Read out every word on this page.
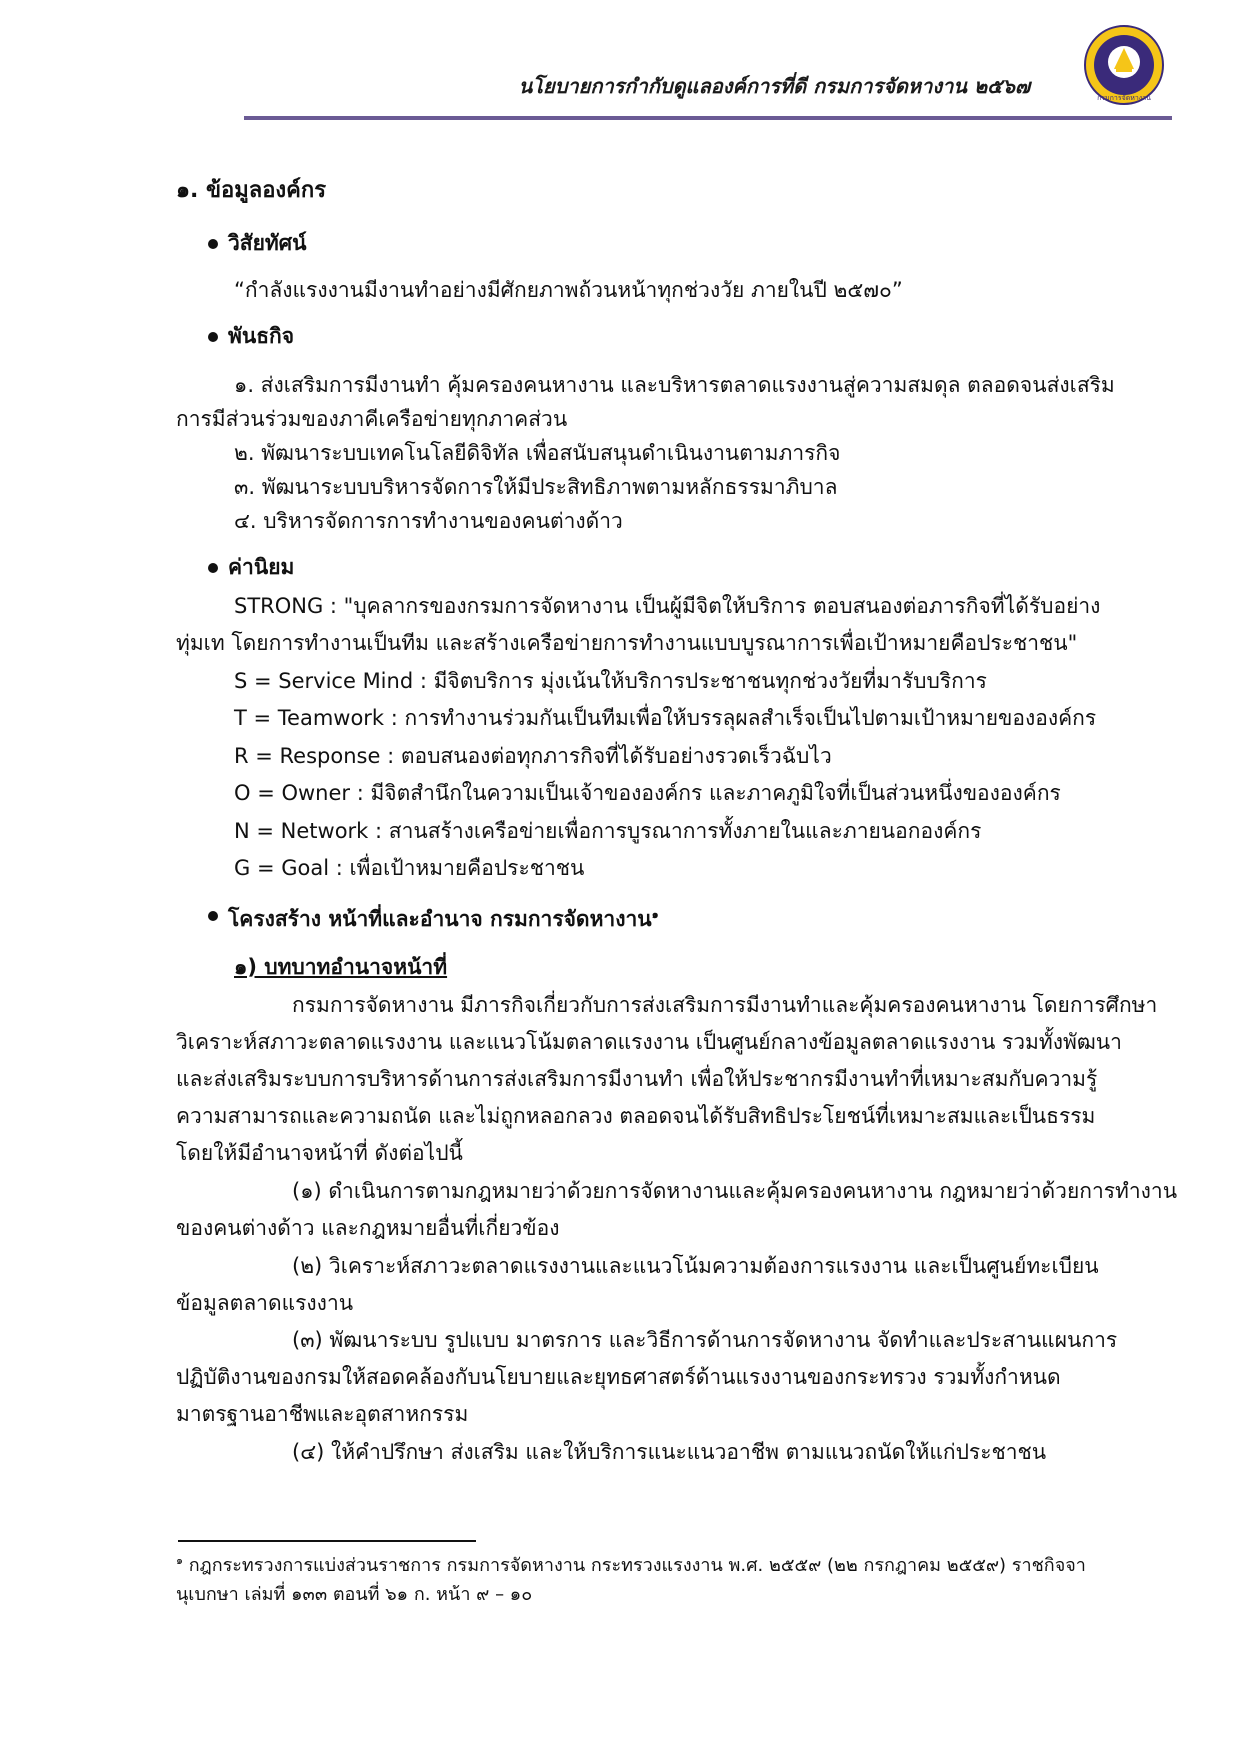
นโยบายการกำกับดูแลองค์การที่ดี กรมการจัดหางาน ๒๕๖๗	กรมการจัดหางาน
๑. ข้อมูลองค์กร
วิสัยทัศน์
“กำลังแรงงานมีงานทำอย่างมีศักยภาพถ้วนหน้าทุกช่วงวัย ภายในปี ๒๕๗๐”
พันธกิจ
๑. ส่งเสริมการมีงานทำ คุ้มครองคนหางาน และบริหารตลาดแรงงานสู่ความสมดุล ตลอดจนส่งเสริม
การมีส่วนร่วมของภาคีเครือข่ายทุกภาคส่วน
๒. พัฒนาระบบเทคโนโลยีดิจิทัล เพื่อสนับสนุนดำเนินงานตามภารกิจ
๓. พัฒนาระบบบริหารจัดการให้มีประสิทธิภาพตามหลักธรรมาภิบาล
๔. บริหารจัดการการทำงานของคนต่างด้าว
ค่านิยม
STRONG : "บุคลากรของกรมการจัดหางาน เป็นผู้มีจิตให้บริการ ตอบสนองต่อภารกิจที่ได้รับอย่าง
ทุ่มเท โดยการทำงานเป็นทีม และสร้างเครือข่ายการทำงานแบบบูรณาการเพื่อเป้าหมายคือประชาชน"
S = Service Mind : มีจิตบริการ มุ่งเน้นให้บริการประชาชนทุกช่วงวัยที่มารับบริการ
T = Teamwork : การทำงานร่วมกันเป็นทีมเพื่อให้บรรลุผลสำเร็จเป็นไปตามเป้าหมายขององค์กร
R = Response : ตอบสนองต่อทุกภารกิจที่ได้รับอย่างรวดเร็วฉับไว
O = Owner : มีจิตสำนึกในความเป็นเจ้าขององค์กร และภาคภูมิใจที่เป็นส่วนหนึ่งขององค์กร
N = Network : สานสร้างเครือข่ายเพื่อการบูรณาการทั้งภายในและภายนอกองค์กร
G = Goal : เพื่อเป้าหมายคือประชาชน
โครงสร้าง หน้าที่และอำนาจ กรมการจัดหางาน$^๑$
๑) บทบาทอำนาจหน้าที่
กรมการจัดหางาน มีภารกิจเกี่ยวกับการส่งเสริมการมีงานทำและคุ้มครองคนหางาน โดยการศึกษา
วิเคราะห์สภาวะตลาดแรงงาน และแนวโน้มตลาดแรงงาน เป็นศูนย์กลางข้อมูลตลาดแรงงาน รวมทั้งพัฒนา
และส่งเสริมระบบการบริหารด้านการส่งเสริมการมีงานทำ เพื่อให้ประชากรมีงานทำที่เหมาะสมกับความรู้
ความสามารถและความถนัด และไม่ถูกหลอกลวง ตลอดจนได้รับสิทธิประโยชน์ที่เหมาะสมและเป็นธรรม
โดยให้มีอำนาจหน้าที่ ดังต่อไปนี้
(๑) ดำเนินการตามกฎหมายว่าด้วยการจัดหางานและคุ้มครองคนหางาน กฎหมายว่าด้วยการทำงาน
ของคนต่างด้าว และกฎหมายอื่นที่เกี่ยวข้อง
(๒) วิเคราะห์สภาวะตลาดแรงงานและแนวโน้มความต้องการแรงงาน และเป็นศูนย์ทะเบียน
ข้อมูลตลาดแรงงาน
(๓) พัฒนาระบบ รูปแบบ มาตรการ และวิธีการด้านการจัดหางาน จัดทำและประสานแผนการ
ปฏิบัติงานของกรมให้สอดคล้องกับนโยบายและยุทธศาสตร์ด้านแรงงานของกระทรวง รวมทั้งกำหนด
มาตรฐานอาชีพและอุตสาหกรรม
(๔) ให้คำปรึกษา ส่งเสริม และให้บริการแนะแนวอาชีพ ตามแนวถนัดให้แก่ประชาชน
$^๑$ กฎกระทรวงการแบ่งส่วนราชการ กรมการจัดหางาน กระทรวงแรงงาน พ.ศ. ๒๕๕๙ (๒๒ กรกฎาคม ๒๕๕๙) ราชกิจจา
นุเบกษา เล่มที่ ๑๓๓ ตอนที่ ๖๑ ก. หน้า ๙ – ๑๐
